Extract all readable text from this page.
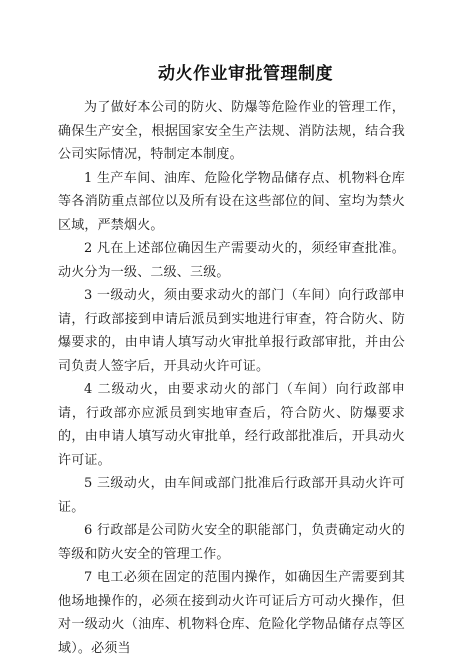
动火作业审批管理制度

为了做好本公司的防火、防爆等危险作业的管理工作，确保生产安全，根据国家安全生产法规、消防法规，结合我公司实际情况，特制定本制度。

1 生产车间、油库、危险化学物品储存点、机物料仓库等各消防重点部位以及所有设在这些部位的间、室均为禁火区域，严禁烟火。

2 凡在上述部位确因生产需要动火的，须经审查批准。动火分为一级、二级、三级。

3 一级动火，须由要求动火的部门（车间）向行政部申请，行政部接到申请后派员到实地进行审查，符合防火、防爆要求的，由申请人填写动火审批单报行政部审批，并由公司负责人签字后，开具动火许可证。

4 二级动火，由要求动火的部门（车间）向行政部申请，行政部亦应派员到实地审查后，符合防火、防爆要求的，由申请人填写动火审批单，经行政部批准后，开具动火许可证。

5 三级动火，由车间或部门批准后行政部开具动火许可证。

6 行政部是公司防火安全的职能部门，负责确定动火的等级和防火安全的管理工作。

7 电工必须在固定的范围内操作，如确因生产需要到其他场地操作的，必须在接到动火许可证后方可动火操作，但对一级动火（油库、机物料仓库、危险化学物品储存点等区域）。必须当
